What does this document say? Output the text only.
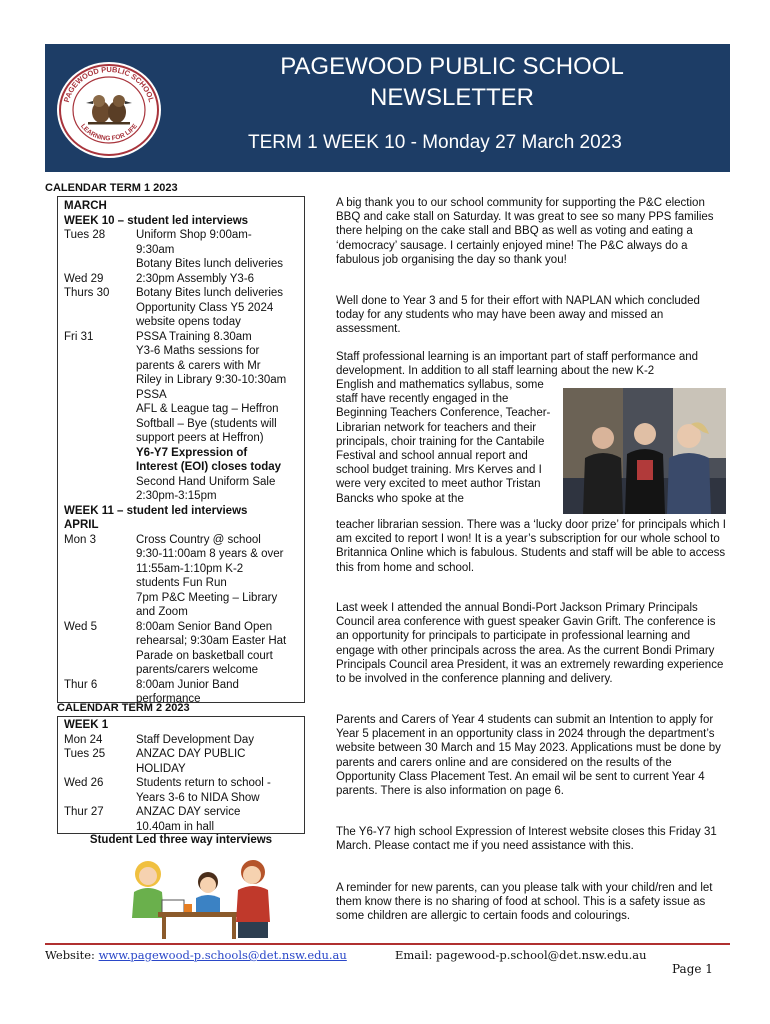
PAGEWOOD PUBLIC SCHOOL
LEARNING FOR LIFE
PAGEWOOD PUBLIC SCHOOL
NEWSLETTER
TERM 1 WEEK 10 - Monday 27 March 2023
CALENDAR TERM 1 2023
MARCH
WEEK 10 – student led interviews
Tues 28	Uniform Shop 9:00am-
9:30am
Botany Bites lunch deliveries
Wed 29	2:30pm Assembly Y3-6
Thurs 30 Botany Bites lunch deliveries
Opportunity Class Y5 2024
website opens today
Fri 31	PSSA Training 8.30am
Y3-6 Maths sessions for
parents & carers with Mr
Riley in Library 9:30-10:30am
PSSA
AFL & League tag – Heffron
Softball – Bye (students will
support peers at Heffron)
Y6-Y7 Expression of
Interest (EOI) closes today
Second Hand Uniform Sale
2:30pm-3:15pm
WEEK 11 – student led interviews
APRIL
Mon 3	Cross Country @ school
9:30-11:00am 8 years & over
11:55am-1:10pm K-2
students Fun Run
7pm P&C Meeting – Library
and Zoom
Wed 5	8:00am Senior Band Open
rehearsal; 9:30am Easter Hat
Parade on basketball court
parents/carers welcome
Thur 6	8:00am Junior Band
performance
CALENDAR TERM 2 2023
WEEK 1
Mon 24	Staff Development Day
Tues 25	ANZAC DAY PUBLIC
HOLIDAY
Wed 26	Students return to school -
Years 3-6 to NIDA Show
Thur 27	ANZAC DAY service
10.40am in hall
Student Led three way interviews
A big thank you to our school community for supporting the P&C election BBQ and cake stall on Saturday. It was great to see so many PPS families there helping on the cake stall and BBQ as well as voting and eating a ‘democracy’ sausage. I certainly enjoyed mine! The P&C always do a fabulous job organising the day so thank you!
Well done to Year 3 and 5 for their effort with NAPLAN which concluded today for any students who may have been away and missed an assessment.
Staff professional learning is an important part of staff performance and development. In addition to all staff learning about the new K-2
English and mathematics syllabus, some staff have recently engaged in the Beginning Teachers Conference, Teacher-Librarian network for teachers and their principals, choir training for the Cantabile Festival and school annual report and school budget training. Mrs Kerves and I were very excited to meet author Tristan Bancks who spoke at the
teacher librarian session. There was a ‘lucky door prize’ for principals which I am excited to report I won! It is a year’s subscription for our whole school to Britannica Online which is fabulous. Students and staff will be able to access this from home and school.
Last week I attended the annual Bondi-Port Jackson Primary Principals Council area conference with guest speaker Gavin Grift. The conference is an opportunity for principals to participate in professional learning and engage with other principals across the area. As the current Bondi Primary Principals Council area President, it was an extremely rewarding experience to be involved in the conference planning and delivery.
Parents and Carers of Year 4 students can submit an Intention to apply for Year 5 placement in an opportunity class in 2024 through the department’s website between 30 March and 15 May 2023. Applications must be done by parents and carers online and are considered on the results of the Opportunity Class Placement Test. An email wil be sent to current Year 4 parents. There is also information on page 6.
The Y6-Y7 high school Expression of Interest website closes this Friday 31 March. Please contact me if you need assistance with this.
A reminder for new parents, can you please talk with your child/ren and let them know there is no sharing of food at school. This is a safety issue as some children are allergic to certain foods and colourings.
Website: www.pagewood-p.schools@det.nsw.edu.au	Email: pagewood-p.school@det.nsw.edu.au
Page 1
